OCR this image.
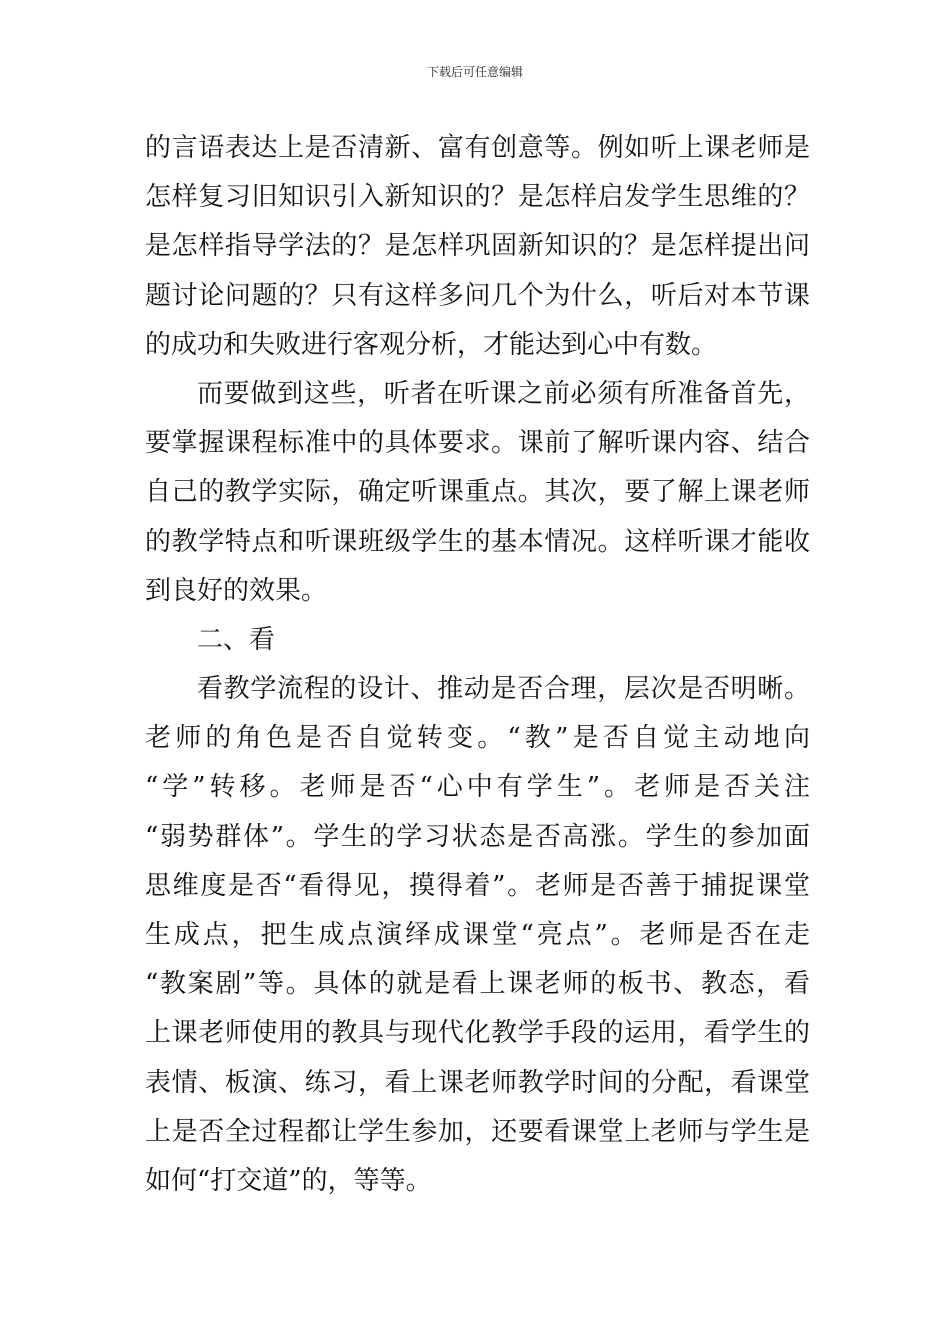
下载后可任意编辑
的言语表达上是否清新、富有创意等。例如听上课老师是
怎样复习旧知识引入新知识的？是怎样启发学生思维的？
是怎样指导学法的？是怎样巩固新知识的？是怎样提出问
题讨论问题的？只有这样多问几个为什么，听后对本节课
的成功和失败进行客观分析，才能达到心中有数。
而要做到这些，听者在听课之前必须有所准备首先，
要掌握课程标准中的具体要求。课前了解听课内容、结合
自己的教学实际，确定听课重点。其次，要了解上课老师
的教学特点和听课班级学生的基本情况。这样听课才能收
到良好的效果。
二、看
看教学流程的设计、推动是否合理，层次是否明晰。
老师的角色是否自觉转变。“教”是否自觉主动地向
“学”转移。老师是否“心中有学生”。老师是否关注
“弱势群体”。学生的学习状态是否高涨。学生的参加面
思维度是否“看得见，摸得着”。老师是否善于捕捉课堂
生成点，把生成点演绎成课堂“亮点”。老师是否在走
“教案剧”等。具体的就是看上课老师的板书、教态，看
上课老师使用的教具与现代化教学手段的运用，看学生的
表情、板演、练习，看上课老师教学时间的分配，看课堂
上是否全过程都让学生参加，还要看课堂上老师与学生是
如何“打交道”的，等等。
